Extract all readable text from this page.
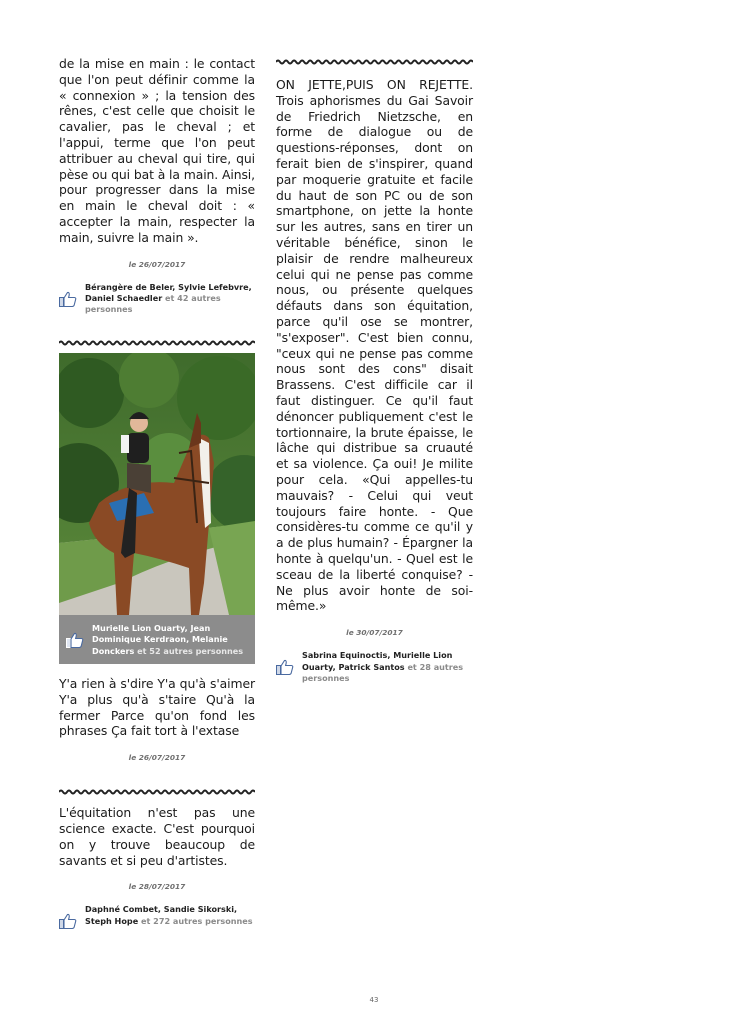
de la mise en main : le contact que l'on peut définir comme la « connexion » ; la tension des rênes, c'est celle que choisit le cavalier, pas le cheval ; et l'appui, terme que l'on peut attribuer au cheval qui tire, qui pèse ou qui bat à la main. Ainsi, pour progresser dans la mise en main le cheval doit : « accepter la main, respecter la main, suivre la main ».

le 26/07/2017
Bérangère de Beler, Sylvie Lefebvre, Daniel Schaedler et 42 autres personnes
Murielle Lion Ouarty, Jean Dominique Kerdraon, Melanie Donckers et 52 autres personnes

Y'a rien à s'dire Y'a qu'à s'aimer Y'a plus qu'à s'taire Qu'à la fermer Parce qu'on fond les phrases Ça fait tort à l'extase

le 26/07/2017

L'équitation n'est pas une science exacte. C'est pourquoi on y trouve beaucoup de savants et si peu d'artistes.

le 28/07/2017
Daphné Combet, Sandie Sikorski, Steph Hope et 272 autres personnes

ON JETTE,PUIS ON REJETTE. Trois aphorismes du Gai Savoir de Friedrich Nietzsche, en forme de dialogue ou de questions-réponses, dont on ferait bien de s'inspirer, quand par moquerie gratuite et facile du haut de son PC ou de son smartphone, on jette la honte sur les autres, sans en tirer un véritable bénéfice, sinon le plaisir de rendre malheureux celui qui ne pense pas comme nous, ou présente quelques défauts dans son équitation, parce qu'il ose se montrer, "s'exposer". C'est bien connu, "ceux qui ne pense pas comme nous sont des cons" disait Brassens. C'est difficile car il faut distinguer. Ce qu'il faut dénoncer publiquement c'est le tortionnaire, la brute épaisse, le lâche qui distribue sa cruauté et sa violence. Ça oui! Je milite pour cela. «Qui appelles-tu mauvais? - Celui qui veut toujours faire honte. - Que considères-tu comme ce qu'il y a de plus humain? - Épargner la honte à quelqu'un. - Quel est le sceau de la liberté conquise? - Ne plus avoir honte de soi-même.»

le 30/07/2017
Sabrina Equinoctis, Murielle Lion Ouarty, Patrick Santos et 28 autres personnes
43
